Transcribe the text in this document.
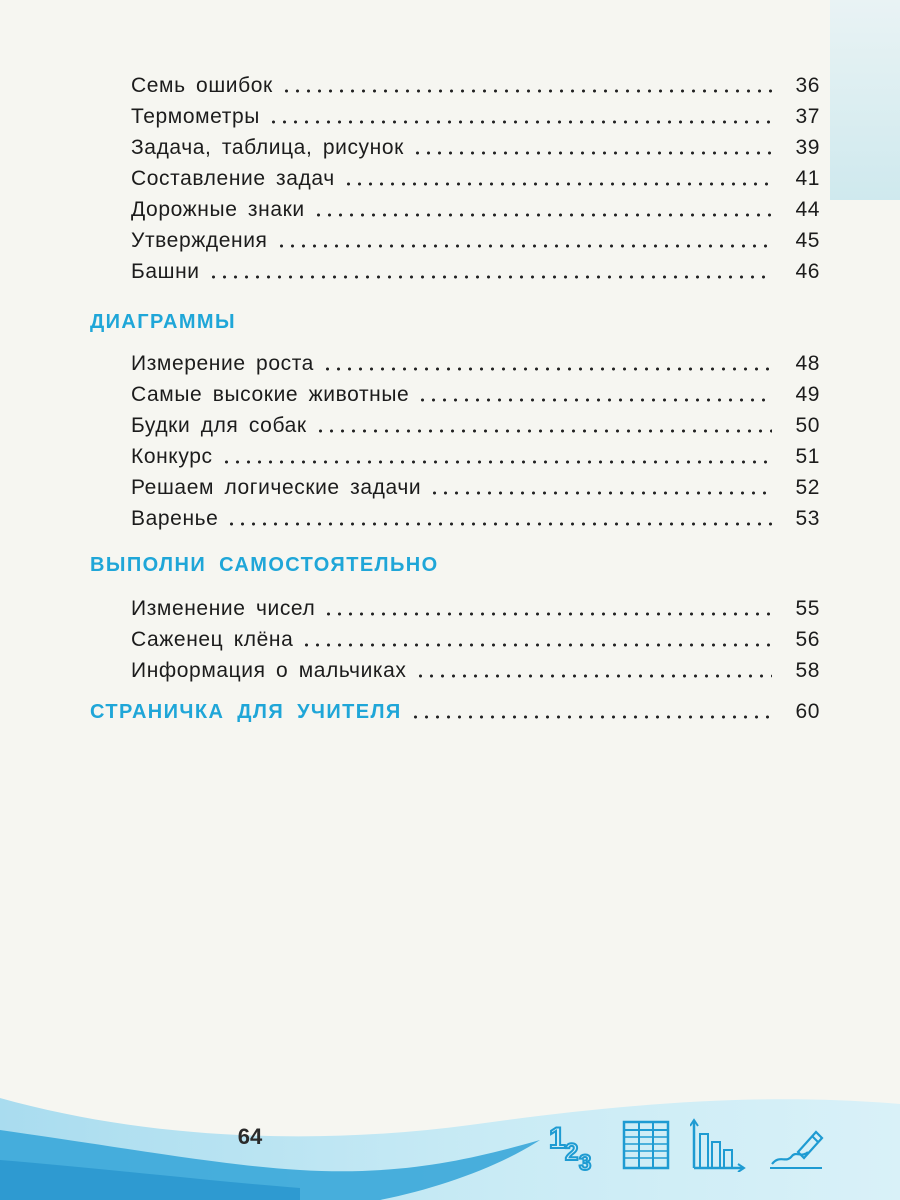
Семь ошибок	36
Термометры	37
Задача, таблица, рисунок	39
Составление задач	41
Дорожные знаки	44
Утверждения	45
Башни	46
ДИАГРАММЫ
Измерение роста	48
Самые высокие животные	49
Будки для собак	50
Конкурс	51
Решаем логические задачи	52
Варенье	53
ВЫПОЛНИ САМОСТОЯТЕЛЬНО
Изменение чисел	55
Саженец клёна	56
Информация о мальчиках	58
СТРАНИЧКА ДЛЯ УЧИТЕЛЯ	60
64	1 2 3
